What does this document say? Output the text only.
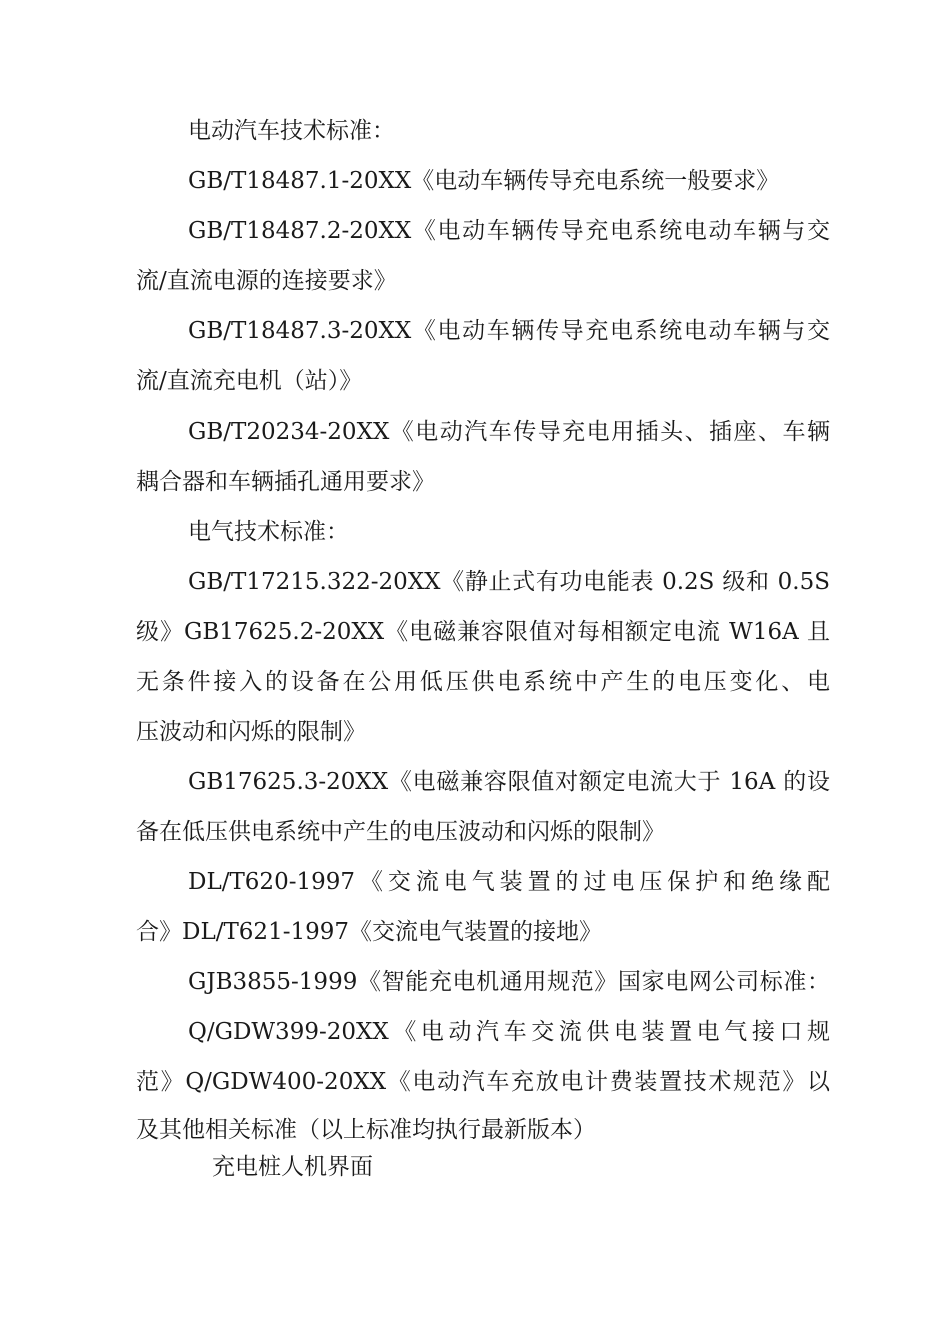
电动汽车技术标准：
GB/T18487.1-20XX《电动车辆传导充电系统一般要求》
GB/T18487.2-20XX《电动车辆传导充电系统电动车辆与交
流/直流电源的连接要求》
GB/T18487.3-20XX《电动车辆传导充电系统电动车辆与交
流/直流充电机（站）》
GB/T20234-20XX《电动汽车传导充电用插头、插座、车辆
耦合器和车辆插孔通用要求》
电气技术标准：
GB/T17215.322-20XX《静止式有功电能表 0.2S 级和 0.5S
级》GB17625.2-20XX《电磁兼容限值对每相额定电流 W16A 且
无条件接入的设备在公用低压供电系统中产生的电压变化、电
压波动和闪烁的限制》
GB17625.3-20XX《电磁兼容限值对额定电流大于 16A 的设
备在低压供电系统中产生的电压波动和闪烁的限制》
DL/T620-1997《交流电气装置的过电压保护和绝缘配
合》DL/T621-1997《交流电气装置的接地》
GJB3855-1999《智能充电机通用规范》国家电网公司标准：
Q/GDW399-20XX《电动汽车交流供电装置电气接口规
范》Q/GDW400-20XX《电动汽车充放电计费装置技术规范》以
及其他相关标准（以上标准均执行最新版本）
充电桩人机界面
